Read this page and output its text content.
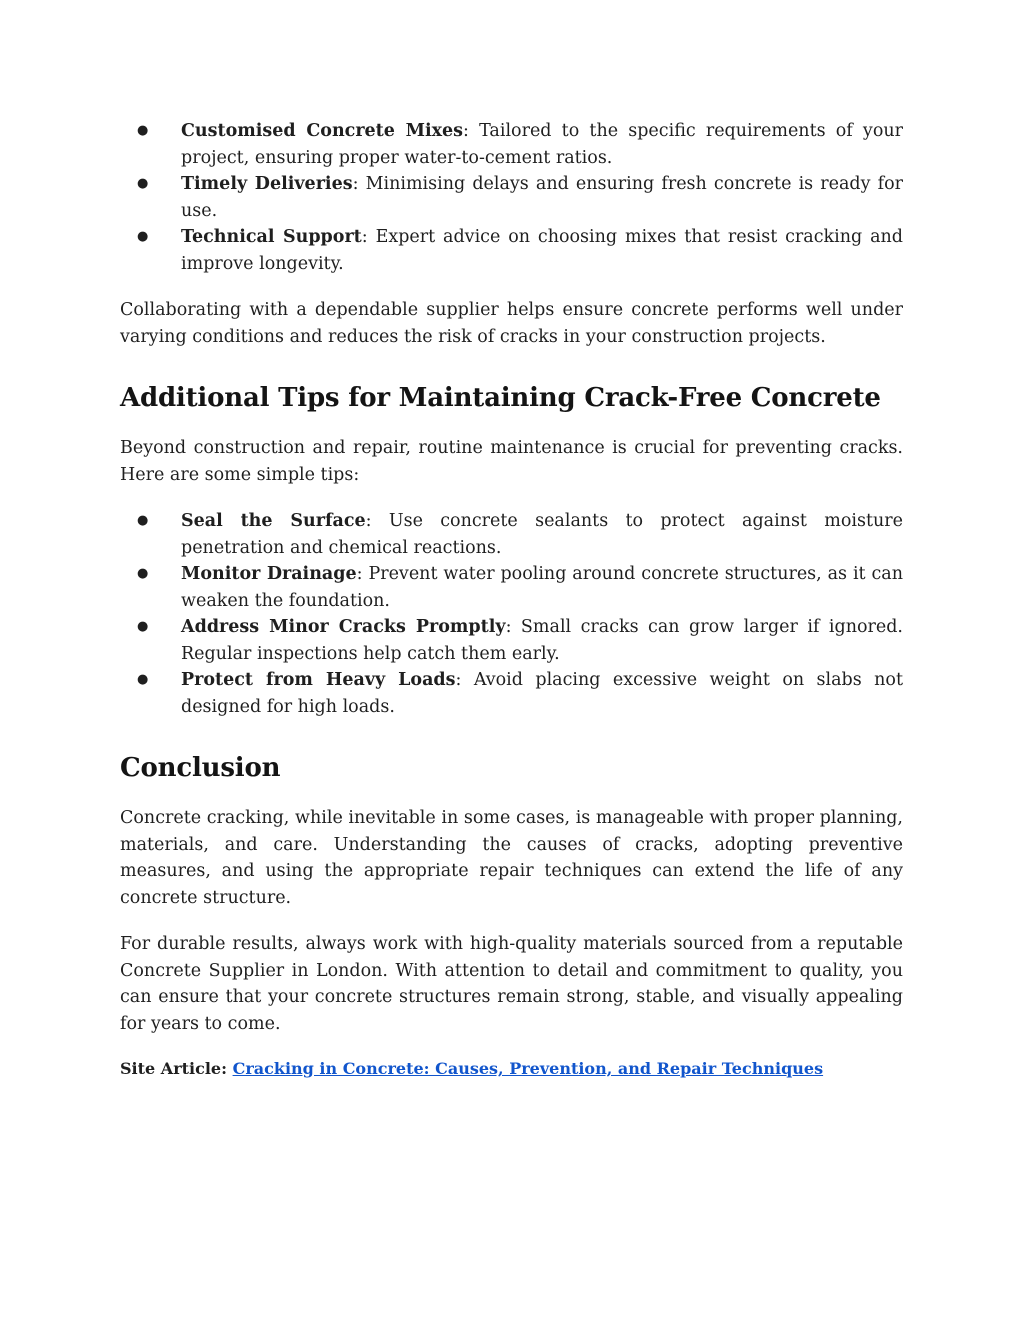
● Customised Concrete Mixes: Tailored to the specific requirements of your project, ensuring proper water-to-cement ratios.
● Timely Deliveries: Minimising delays and ensuring fresh concrete is ready for use.
● Technical Support: Expert advice on choosing mixes that resist cracking and improve longevity.

Collaborating with a dependable supplier helps ensure concrete performs well under varying conditions and reduces the risk of cracks in your construction projects.

Additional Tips for Maintaining Crack-Free Concrete

Beyond construction and repair, routine maintenance is crucial for preventing cracks. Here are some simple tips:

● Seal the Surface: Use concrete sealants to protect against moisture penetration and chemical reactions.
● Monitor Drainage: Prevent water pooling around concrete structures, as it can weaken the foundation.
● Address Minor Cracks Promptly: Small cracks can grow larger if ignored. Regular inspections help catch them early.
● Protect from Heavy Loads: Avoid placing excessive weight on slabs not designed for high loads.
Conclusion

Concrete cracking, while inevitable in some cases, is manageable with proper planning, materials, and care. Understanding the causes of cracks, adopting preventive measures, and using the appropriate repair techniques can extend the life of any concrete structure.

For durable results, always work with high-quality materials sourced from a reputable Concrete Supplier in London. With attention to detail and commitment to quality, you can ensure that your concrete structures remain strong, stable, and visually appealing for years to come.

Site Article: Cracking in Concrete: Causes, Prevention, and Repair Techniques
